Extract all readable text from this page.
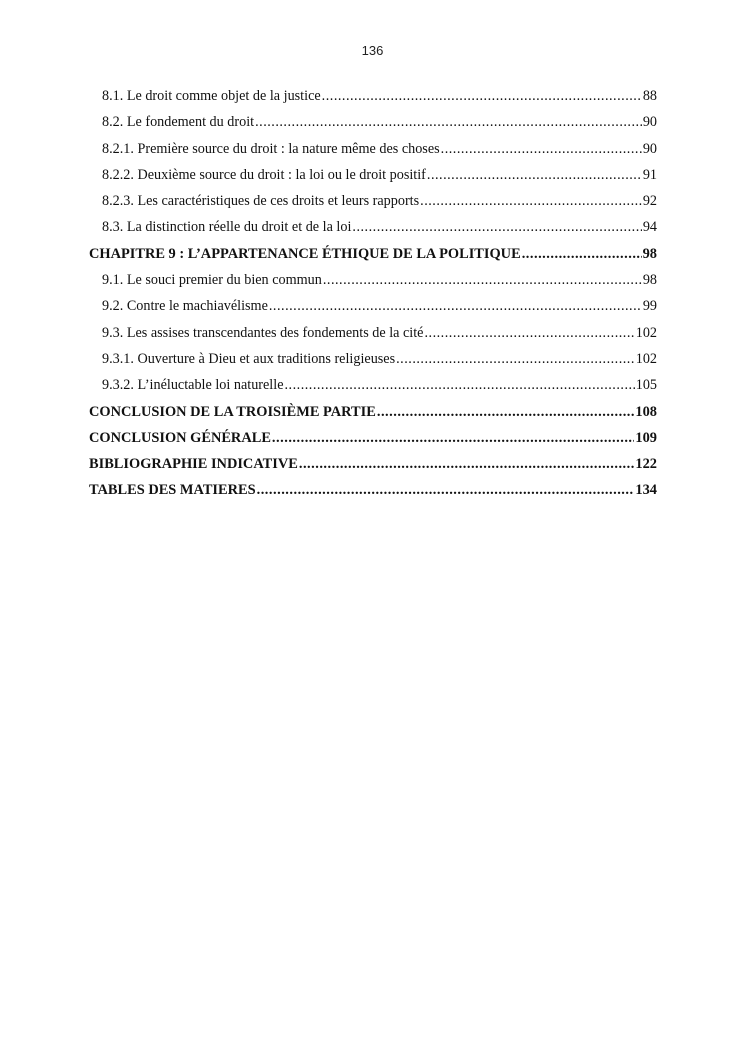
136
8.1. Le droit comme objet de la justice .....	88
8.2. Le fondement du droit .....	90
8.2.1. Première source du droit : la nature même des choses .....	90
8.2.2. Deuxième source du droit : la loi ou le droit positif .....	91
8.2.3. Les caractéristiques de ces droits et leurs rapports .....	92
8.3. La distinction réelle du droit et de la loi .....	94
CHAPITRE 9 : L’APPARTENANCE ÉTHIQUE DE LA POLITIQUE .....	98
9.1. Le souci premier du bien commun .....	98
9.2. Contre le machiavélisme .....	99
9.3. Les assises transcendantes des fondements de la cité .....	102
9.3.1. Ouverture à Dieu et aux traditions religieuses .....	102
9.3.2. L’inéluctable loi naturelle .....	105
CONCLUSION DE LA TROISIÈME PARTIE .....	108
CONCLUSION GÉNÉRALE .....	109
BIBLIOGRAPHIE INDICATIVE .....	122
TABLES DES MATIERES .....	134
